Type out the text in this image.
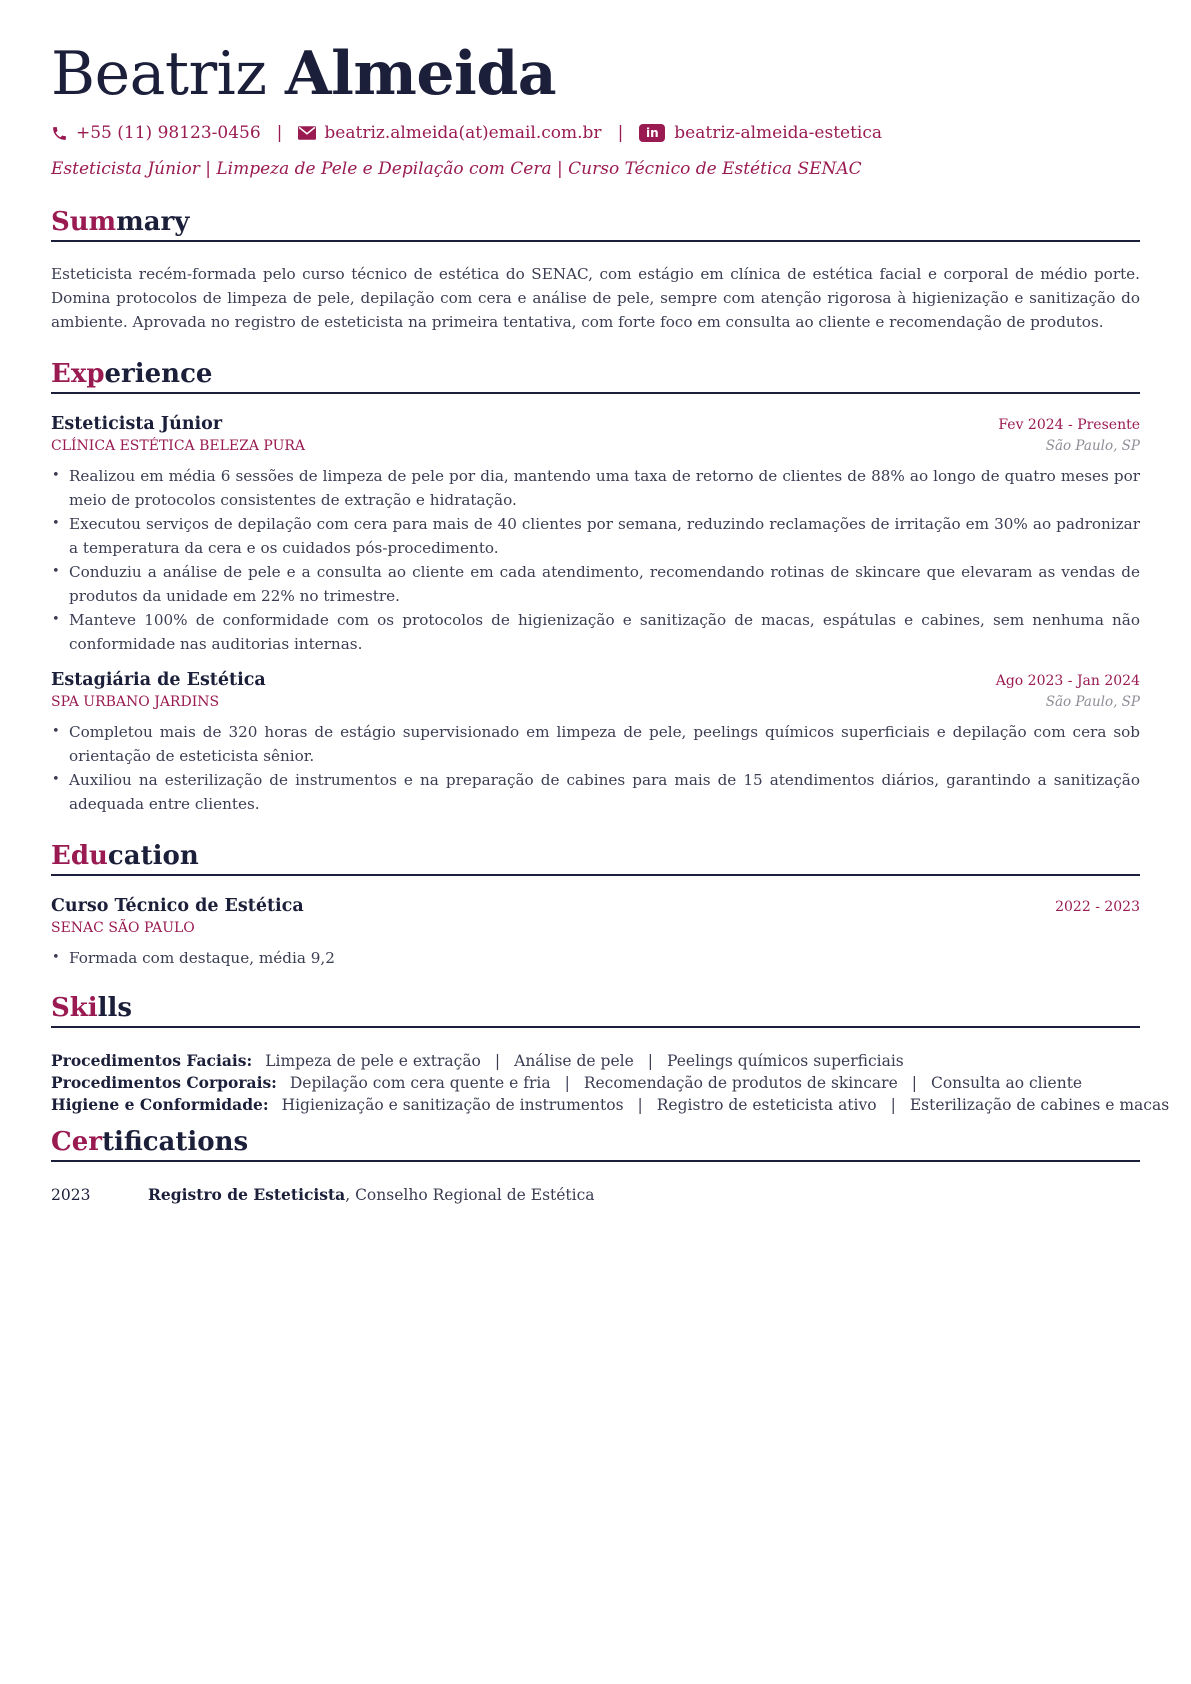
Beatriz Almeida
+55 (11) 98123-0456 | beatriz.almeida(at)email.com.br |	in beatriz-almeida-estetica
Esteticista Júnior | Limpeza de Pele e Depilação com Cera | Curso Técnico de Estética SENAC
Summary
Esteticista recém-formada pelo curso técnico de estética do SENAC, com estágio em clínica de estética facial e corporal de médio porte. Domina protocolos de limpeza de pele, depilação com cera e análise de pele, sempre com atenção rigorosa à higienização e sanitização do ambiente. Aprovada no registro de esteticista na primeira tentativa, com forte foco em consulta ao cliente e recomendação de produtos.
Experience
Esteticista Júnior	Fev 2024 - Presente
CLÍNICA ESTÉTICA BELEZA PURA	São Paulo, SP
• Realizou em média 6 sessões de limpeza de pele por dia, mantendo uma taxa de retorno de clientes de 88% ao longo de quatro meses por meio de protocolos consistentes de extração e hidratação.
• Executou serviços de depilação com cera para mais de 40 clientes por semana, reduzindo reclamações de irritação em 30% ao padronizar a temperatura da cera e os cuidados pós-procedimento.
• Conduziu a análise de pele e a consulta ao cliente em cada atendimento, recomendando rotinas de skincare que elevaram as vendas de produtos da unidade em 22% no trimestre.
• Manteve 100% de conformidade com os protocolos de higienização e sanitização de macas, espátulas e cabines, sem nenhuma não conformidade nas auditorias internas.
Estagiária de Estética	Ago 2023 - Jan 2024
SPA URBANO JARDINS	São Paulo, SP
• Completou mais de 320 horas de estágio supervisionado em limpeza de pele, peelings químicos superficiais e depilação com cera sob orientação de esteticista sênior.
• Auxiliou na esterilização de instrumentos e na preparação de cabines para mais de 15 atendimentos diários, garantindo a sanitização adequada entre clientes.
Education
Curso Técnico de Estética	2022 - 2023
SENAC SÃO PAULO
• Formada com destaque, média 9,2
Skills
Procedimentos Faciais: Limpeza de pele e extração | Análise de pele | Peelings químicos superficiais
Procedimentos Corporais: Depilação com cera quente e fria | Recomendação de produtos de skincare | Consulta ao cliente
Higiene e Conformidade: Higienização e sanitização de instrumentos | Registro de esteticista ativo | Esterilização de cabines e macas
Certifications
2023	Registro de Esteticista, Conselho Regional de Estética
